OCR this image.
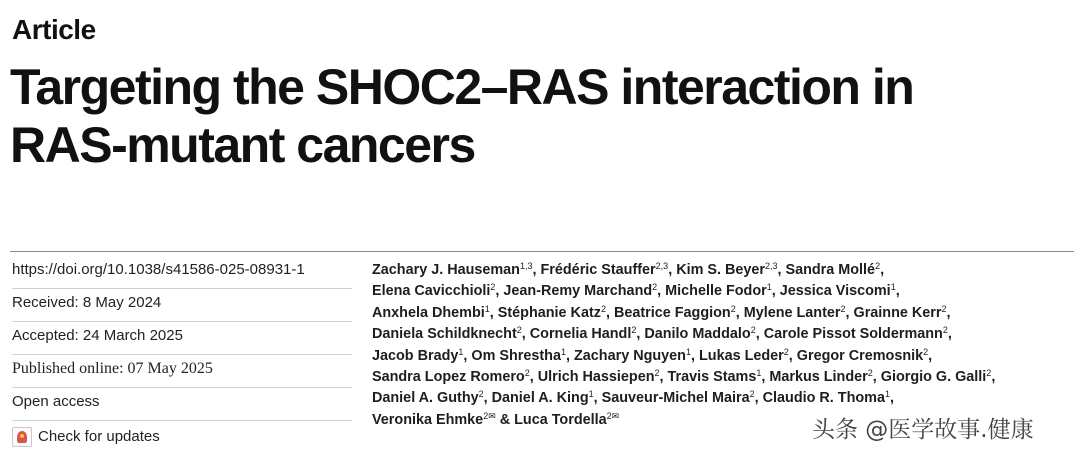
Article
Targeting the SHOC2–RAS interaction in
RAS-mutant cancers
https://doi.org/10.1038/s41586-025-08931-1
Received: 8 May 2024
Accepted: 24 March 2025
Published online: 07 May 2025
Open access
Check for updates
Zachary J. Hauseman$^{1,3}$, Frédéric Stauffer$^{2,3}$, Kim S. Beyer$^{2,3}$, Sandra Mollé$^2$,
Elena Cavicchioli$^2$, Jean-Remy Marchand$^2$, Michelle Fodor$^1$, Jessica Viscomi$^1$,
Anxhela Dhembi$^1$, Stéphanie Katz$^2$, Beatrice Faggion$^2$, Mylene Lanter$^2$, Grainne Kerr$^2$,
Daniela Schildknecht$^2$, Cornelia Handl$^2$, Danilo Maddalo$^2$, Carole Pissot Soldermann$^2$,
Jacob Brady$^1$, Om Shrestha$^1$, Zachary Nguyen$^1$, Lukas Leder$^2$, Gregor Cremosnik$^2$,
Sandra Lopez Romero$^2$, Ulrich Hassiepen$^2$, Travis Stams$^1$, Markus Linder$^2$, Giorgio G. Galli$^2$,
Daniel A. Guthy$^2$, Daniel A. King$^1$, Sauveur-Michel Maira$^2$, Claudio R. Thoma$^1$,
Veronika Ehmke$^{2✉}$ & Luca Tordella$^{2✉}$
头条 @医学故事.健康
